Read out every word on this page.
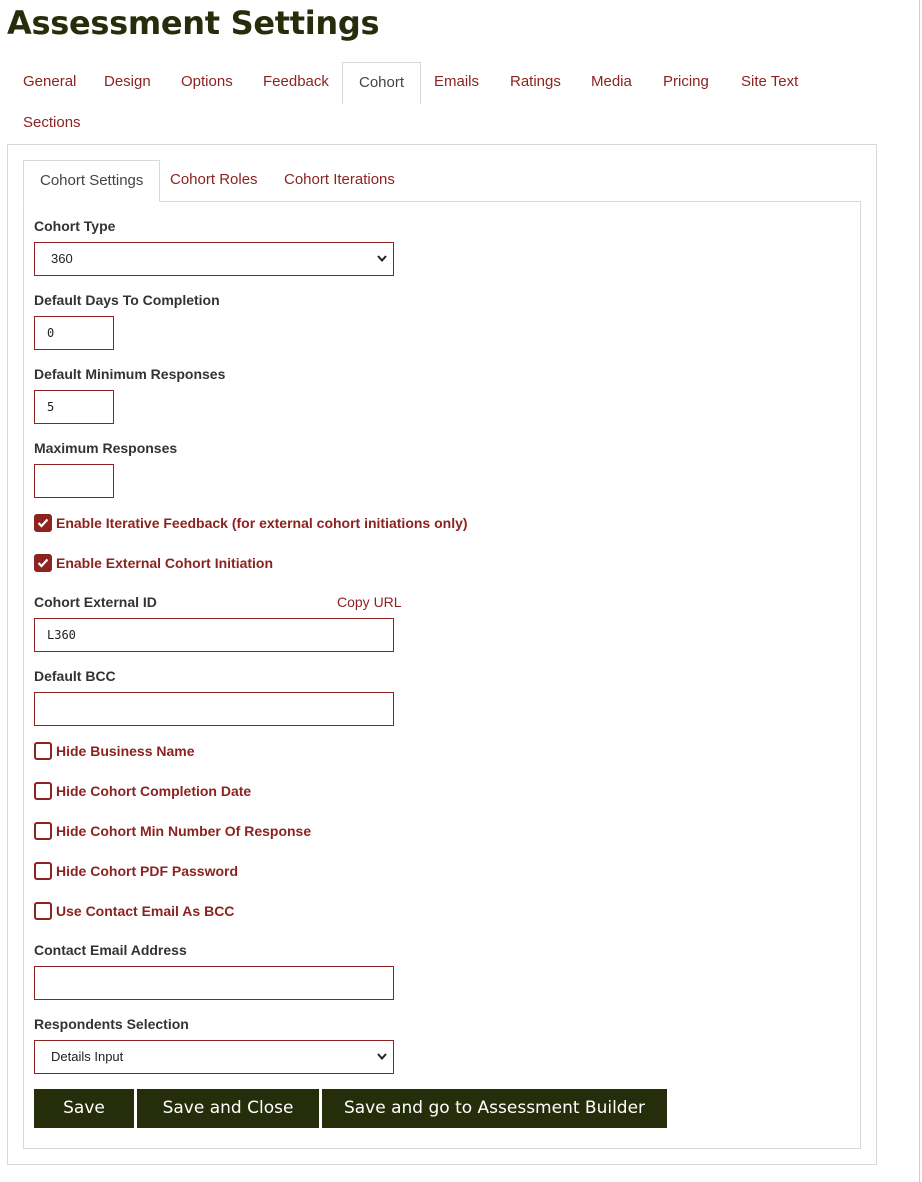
Assessment Settings
General	Design	Options	Feedback	Cohort	Emails	Ratings	Media	Pricing	Site Text
Sections
Cohort Settings	Cohort Roles	Cohort Iterations
Cohort Type
360
Default Days To Completion
0
Default Minimum Responses
5
Maximum Responses
Enable Iterative Feedback (for external cohort initiations only)
Enable External Cohort Initiation
Cohort External ID	Copy URL
L360
Default BCC
Hide Business Name
Hide Cohort Completion Date
Hide Cohort Min Number Of Response
Hide Cohort PDF Password
Use Contact Email As BCC
Contact Email Address
Respondents Selection
Details Input
Save	Save and Close	Save and go to Assessment Builder
